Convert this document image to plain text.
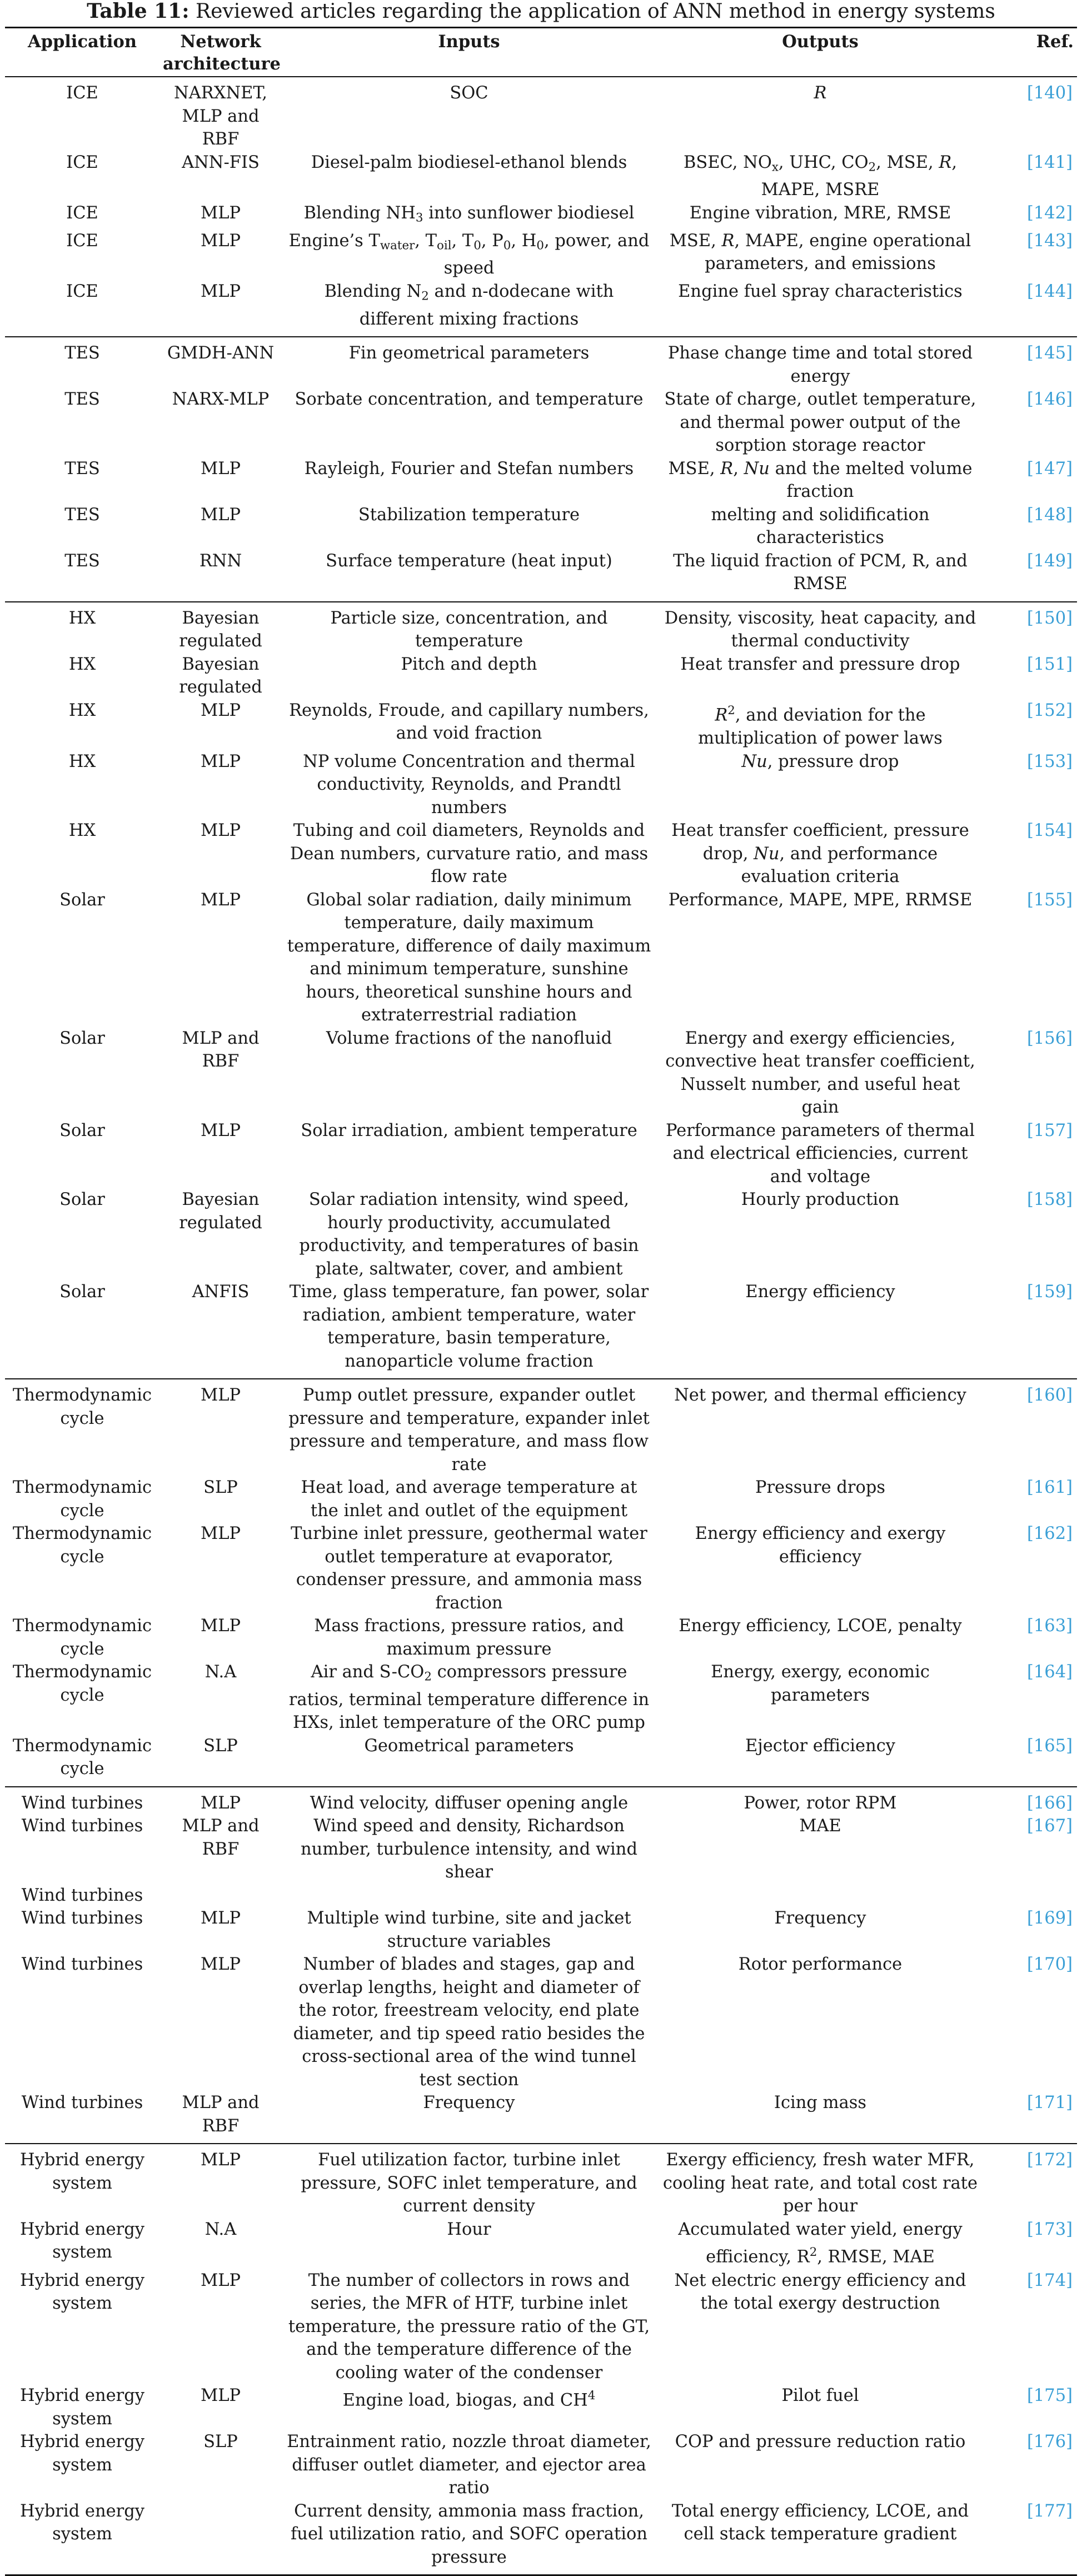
Table 11: Reviewed articles regarding the application of ANN method in energy systems
Application	Network architecture	Inputs	Outputs	Ref.
ICE	NARXNET, MLP and RBF	SOC	R	[140]
ICE	ANN-FIS	Diesel-palm biodiesel-ethanol blends	BSEC, $NO_x$, UHC, $CO_2$, MSE, R, MAPE, MSRE	[141]
ICE	MLP	Blending $NH_3$ into sunflower biodiesel	Engine vibration, MRE, RMSE	[142]
ICE	MLP	Engine’s $T_{water}$, $T_{oil}$, $T_0$, $P_0$, $H_0$, power, and speed	MSE, R, MAPE, engine operational parameters, and emissions	[143]
ICE	MLP	Blending $N_2$ and n-dodecane with different mixing fractions	Engine fuel spray characteristics	[144]
TES	GMDH-ANN	Fin geometrical parameters	Phase change time and total stored energy	[145]
TES	NARX-MLP	Sorbate concentration, and temperature	State of charge, outlet temperature, and thermal power output of the sorption storage reactor	[146]
TES	MLP	Rayleigh, Fourier and Stefan numbers	MSE, R, Nu and the melted volume fraction	[147]
TES	MLP	Stabilization temperature	melting and solidification characteristics	[148]
TES	RNN	Surface temperature (heat input)	The liquid fraction of PCM, R, and RMSE	[149]
HX	Bayesian regulated	Particle size, concentration, and temperature	Density, viscosity, heat capacity, and thermal conductivity	[150]
HX	Bayesian regulated	Pitch and depth	Heat transfer and pressure drop	[151]
HX	MLP	Reynolds, Froude, and capillary numbers, and void fraction	$R^2$, and deviation for the multiplication of power laws	[152]
HX	MLP	NP volume Concentration and thermal conductivity, Reynolds, and Prandtl numbers	Nu, pressure drop	[153]
HX	MLP	Tubing and coil diameters, Reynolds and Dean numbers, curvature ratio, and mass flow rate	Heat transfer coefficient, pressure drop, Nu, and performance evaluation criteria	[154]
Solar	MLP	Global solar radiation, daily minimum temperature, daily maximum temperature, difference of daily maximum and minimum temperature, sunshine hours, theoretical sunshine hours and extraterrestrial radiation	Performance, MAPE, MPE, RRMSE	[155]
Solar	MLP and RBF	Volume fractions of the nanofluid	Energy and exergy efficiencies, convective heat transfer coefficient, Nusselt number, and useful heat gain	[156]
Solar	MLP	Solar irradiation, ambient temperature	Performance parameters of thermal and electrical efficiencies, current and voltage	[157]
Solar	Bayesian regulated	Solar radiation intensity, wind speed, hourly productivity, accumulated productivity, and temperatures of basin plate, saltwater, cover, and ambient	Hourly production	[158]
Solar	ANFIS	Time, glass temperature, fan power, solar radiation, ambient temperature, water temperature, basin temperature, nanoparticle volume fraction	Energy efficiency	[159]
Thermodynamic cycle	MLP	Pump outlet pressure, expander outlet pressure and temperature, expander inlet pressure and temperature, and mass flow rate	Net power, and thermal efficiency	[160]
Thermodynamic cycle	SLP	Heat load, and average temperature at the inlet and outlet of the equipment	Pressure drops	[161]
Thermodynamic cycle	MLP	Turbine inlet pressure, geothermal water outlet temperature at evaporator, condenser pressure, and ammonia mass fraction	Energy efficiency and exergy efficiency	[162]
Thermodynamic cycle	MLP	Mass fractions, pressure ratios, and maximum pressure	Energy efficiency, LCOE, penalty	[163]
Thermodynamic cycle	N.A	Air and $S-CO_2$ compressors pressure ratios, terminal temperature difference in HXs, inlet temperature of the ORC pump	Energy, exergy, economic parameters	[164]
Thermodynamic cycle	SLP	Geometrical parameters	Ejector efficiency	[165]
Wind turbines	MLP	Wind velocity, diffuser opening angle	Power, rotor RPM	[166]
Wind turbines	MLP and RBF	Wind speed and density, Richardson number, turbulence intensity, and wind shear	MAE	[167]
Wind turbines				
Wind turbines	MLP	Multiple wind turbine, site and jacket structure variables	Frequency	[169]
Wind turbines	MLP	Number of blades and stages, gap and overlap lengths, height and diameter of the rotor, freestream velocity, end plate diameter, and tip speed ratio besides the cross-sectional area of the wind tunnel test section	Rotor performance	[170]
Wind turbines	MLP and RBF	Frequency	Icing mass	[171]
Hybrid energy system	MLP	Fuel utilization factor, turbine inlet pressure, SOFC inlet temperature, and current density	Exergy efficiency, fresh water MFR, cooling heat rate, and total cost rate per hour	[172]
Hybrid energy system	N.A	Hour	Accumulated water yield, energy efficiency, $R^2$, RMSE, MAE	[173]
Hybrid energy system	MLP	The number of collectors in rows and series, the MFR of HTF, turbine inlet temperature, the pressure ratio of the GT, and the temperature difference of the cooling water of the condenser	Net electric energy efficiency and the total exergy destruction	[174]
Hybrid energy system	MLP	Engine load, biogas, and $CH^4$	Pilot fuel	[175]
Hybrid energy system	SLP	Entrainment ratio, nozzle throat diameter, diffuser outlet diameter, and ejector area ratio	COP and pressure reduction ratio	[176]
Hybrid energy system		Current density, ammonia mass fraction, fuel utilization ratio, and SOFC operation pressure	Total energy efficiency, LCOE, and cell stack temperature gradient	[177]
